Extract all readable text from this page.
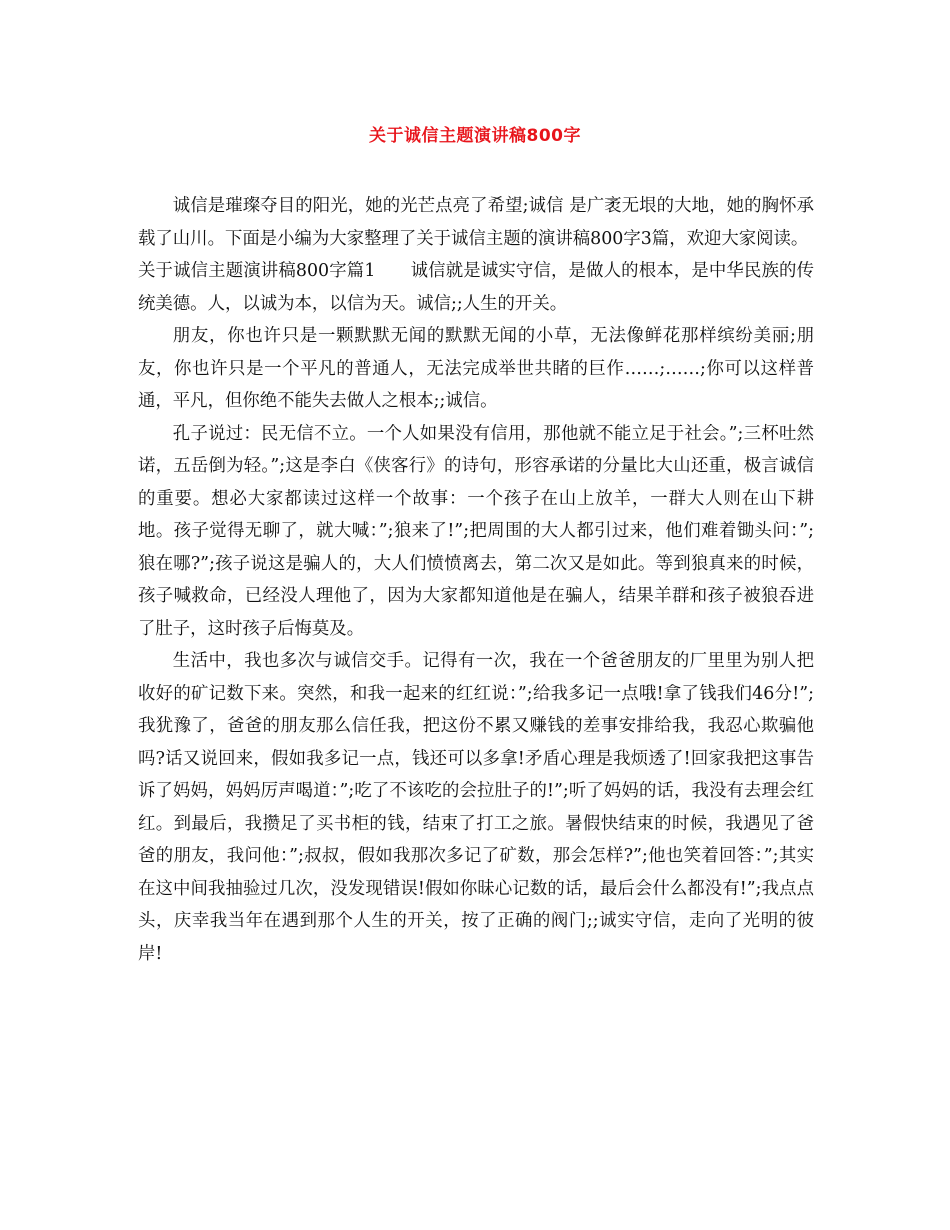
关于诚信主题演讲稿800字

诚信是璀璨夺目的阳光，她的光芒点亮了希望;诚信 是广袤无垠的大地，她的胸怀承载了山川。下面是小编为大家整理了关于诚信主题的演讲稿800字3篇，欢迎大家阅读。

关于诚信主题演讲稿800字篇1　　诚信就是诚实守信，是做人的根本，是中华民族的传统美德。人，以诚为本，以信为天。诚信;;人生的开关。

朋友，你也许只是一颗默默无闻的默默无闻的小草，无法像鲜花那样缤纷美丽;朋友，你也许只是一个平凡的普通人，无法完成举世共睹的巨作……;……;你可以这样普通，平凡，但你绝不能失去做人之根本;;诚信。

孔子说过：民无信不立。一个人如果没有信用，那他就不能立足于社会。”;三杯吐然诺，五岳倒为轻。”;这是李白《侠客行》的诗句，形容承诺的分量比大山还重，极言诚信的重要。想必大家都读过这样一个故事：一个孩子在山上放羊，一群大人则在山下耕地。孩子觉得无聊了，就大喊：”;狼来了!”;把周围的大人都引过来，他们难着锄头问：”;狼在哪?”;孩子说这是骗人的，大人们愤愤离去，第二次又是如此。等到狼真来的时候，孩子喊救命，已经没人理他了，因为大家都知道他是在骗人，结果羊群和孩子被狼吞进了肚子，这时孩子后悔莫及。

生活中，我也多次与诚信交手。记得有一次，我在一个爸爸朋友的厂里里为别人把收好的矿记数下来。突然，和我一起来的红红说：”;给我多记一点哦!拿了钱我们46分!”;我犹豫了，爸爸的朋友那么信任我，把这份不累又赚钱的差事安排给我，我忍心欺骗他吗?话又说回来，假如我多记一点，钱还可以多拿!矛盾心理是我烦透了!回家我把这事告诉了妈妈，妈妈厉声喝道：”;吃了不该吃的会拉肚子的!”;听了妈妈的话，我没有去理会红红。到最后，我攒足了买书柜的钱，结束了打工之旅。暑假快结束的时候，我遇见了爸爸的朋友，我问他：”;叔叔，假如我那次多记了矿数，那会怎样?”;他也笑着回答：”;其实在这中间我抽验过几次，没发现错误!假如你昧心记数的话，最后会什么都没有!”;我点点头，庆幸我当年在遇到那个人生的开关，按了正确的阀门;;诚实守信，走向了光明的彼岸!
